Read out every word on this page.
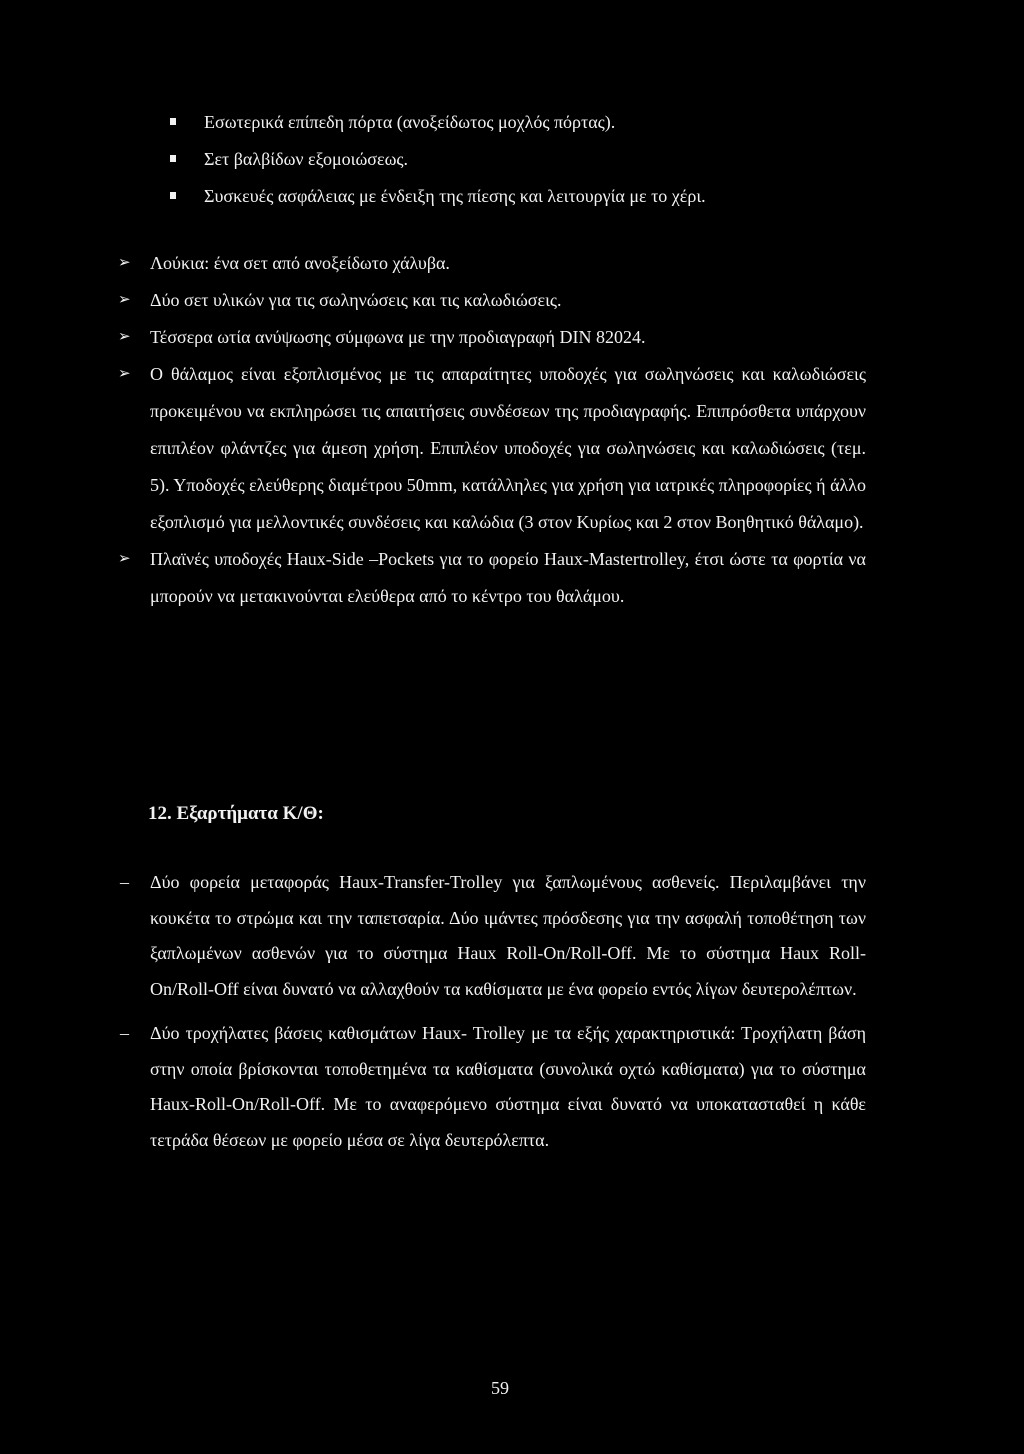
Εσωτερικά επίπεδη πόρτα (ανοξείδωτος μοχλός πόρτας).
Σετ βαλβίδων εξομοιώσεως.
Συσκευές ασφάλειας με ένδειξη της πίεσης και λειτουργία με το χέρι.
➢	Λούκια: ένα σετ από ανοξείδωτο χάλυβα.
➢	Δύο σετ υλικών για τις σωληνώσεις και τις καλωδιώσεις.
➢	Τέσσερα ωτία ανύψωσης σύμφωνα με την προδιαγραφή DIN 82024.
➢	Ο θάλαμος είναι εξοπλισμένος με τις απαραίτητες υποδοχές για σωληνώσεις και καλωδιώσεις προκειμένου να εκπληρώσει τις απαιτήσεις συνδέσεων της προδιαγραφής. Επιπρόσθετα υπάρχουν επιπλέον φλάντζες για άμεση χρήση. Επιπλέον υποδοχές για σωληνώσεις και καλωδιώσεις (τεμ. 5). Υποδοχές ελεύθερης διαμέτρου 50mm, κατάλληλες για χρήση για ιατρικές πληροφορίες ή άλλο εξοπλισμό για μελλοντικές συνδέσεις και καλώδια (3 στον Κυρίως και 2 στον Βοηθητικό θάλαμο).
➢	Πλαϊνές υποδοχές Haux-Side –Pockets για το φορείο Haux-Mastertrolley, έτσι ώστε τα φορτία να μπορούν να μετακινούνται ελεύθερα από το κέντρο του θαλάμου.
12. Εξαρτήματα Κ/Θ:
– Δύο φορεία μεταφοράς Haux-Transfer-Trolley για ξαπλωμένους ασθενείς. Περιλαμβάνει την κουκέτα το στρώμα και την ταπετσαρία. Δύο ιμάντες πρόσδεσης για την ασφαλή τοποθέτηση των ξαπλωμένων ασθενών για το σύστημα Haux Roll-On/Roll-Off. Με το σύστημα Haux Roll-On/Roll-Off είναι δυνατό να αλλαχθούν τα καθίσματα με ένα φορείο εντός λίγων δευτερολέπτων.
– Δύο τροχήλατες βάσεις καθισμάτων Haux- Trolley με τα εξής χαρακτηριστικά: Τροχήλατη βάση στην οποία βρίσκονται τοποθετημένα τα καθίσματα (συνολικά οχτώ καθίσματα) για το σύστημα Haux-Roll-On/Roll-Off. Με το αναφερόμενο σύστημα είναι δυνατό να υποκατασταθεί η κάθε τετράδα θέσεων με φορείο μέσα σε λίγα δευτερόλεπτα.
59
